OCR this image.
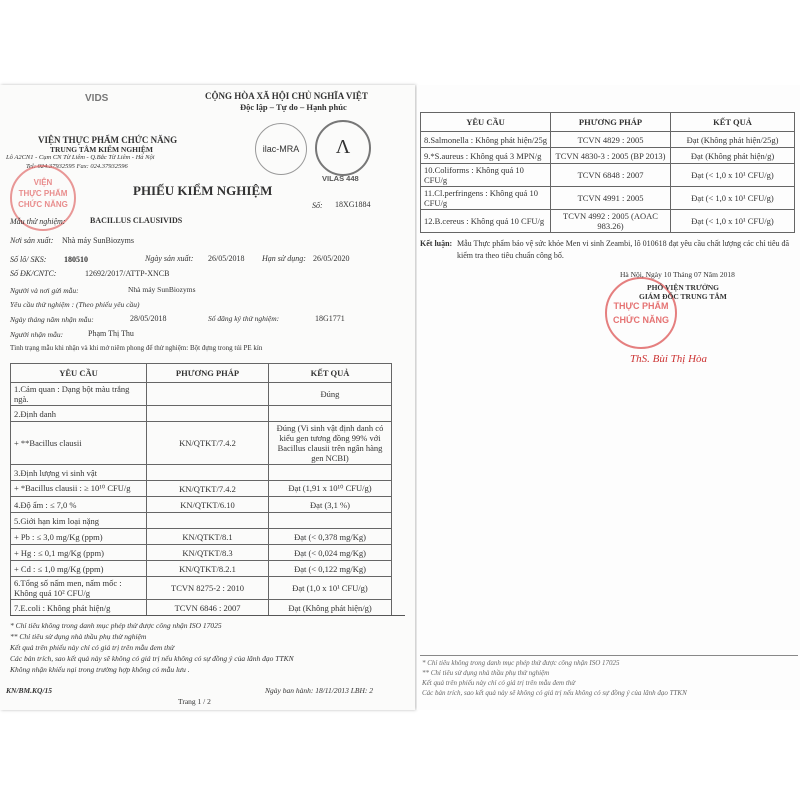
VIDS
VIỆN THỰC PHẨM CHỨC NĂNG
TRUNG TÂM KIỂM NGHIỆM
Lô A2CN1 - Cụm CN Từ Liêm - Q.Bắc Từ Liêm - Hà Nội
Tel: 024.37932595 Fax: 024.37932596
CỘNG HÒA XÃ HỘI CHỦ NGHĨA VIỆT
Độc lập – Tự do – Hạnh phúc
ilac-MRA	Λ
VILAS 448
VIỆN
THỰC PHẨM
CHỨC NĂNG
PHIẾU KIỂM NGHIỆM
Số: 18XG1884
Mẫu thử nghiệm:	BACILLUS CLAUSIVIDS
Nơi sản xuất: Nhà máy SunBiozyms
Số lô/ SKS: 180510	Ngày sản xuất: 26/05/2018 Hạn sử dụng: 26/05/2020
Số ĐK/CNTC:	12692/2017/ATTP-XNCB
Người và nơi gửi mẫu:	Nhà máy SunBiozyms
Yêu cầu thử nghiệm : (Theo phiếu yêu cầu)
Ngày tháng năm nhận mẫu:	28/05/2018	Số đăng ký thử nghiệm:	18G1771
Người nhận mẫu:	Phạm Thị Thu
Tình trạng mẫu khi nhận và khi mở niêm phong để thử nghiệm: Bột đựng trong túi PE kín
YÊU CẦU	PHƯƠNG PHÁP	KẾT QUẢ
1.Cảm quan : Dạng bột màu trắng ngà.		Đúng
2.Định danh		
+ **Bacillus clausii	KN/QTKT/7.4.2	Đúng (Vi sinh vật định danh có kiểu gen tương đồng 99% với Bacillus clausii trên ngân hàng gen NCBI)
3.Định lượng vi sinh vật		
+ *Bacillus clausii : ≥ 10¹⁰ CFU/g	KN/QTKT/7.4.2	Đạt (1,91 x 10¹⁰ CFU/g)
4.Độ ẩm : ≤ 7,0 %	KN/QTKT/6.10	Đạt (3,1 %)
5.Giới hạn kim loại nặng		
+ Pb : ≤ 3,0 mg/Kg (ppm)	KN/QTKT/8.1	Đạt (< 0,378 mg/Kg)
+ Hg : ≤ 0,1 mg/Kg (ppm)	KN/QTKT/8.3	Đạt (< 0,024 mg/Kg)
+ Cd : ≤ 1,0 mg/Kg (ppm)	KN/QTKT/8.2.1	Đạt (< 0,122 mg/Kg)
6.Tổng số nấm men, nấm mốc : Không quá 10² CFU/g	TCVN 8275-2 : 2010	Đạt (1,0 x 10¹ CFU/g)
7.E.coli : Không phát hiện/g	TCVN 6846 : 2007	Đạt (Không phát hiện/g)
* Chỉ tiêu không trong danh mục phép thử được công nhận ISO 17025
** Chỉ tiêu sử dụng nhà thầu phụ thử nghiệm
Kết quả trên phiếu này chỉ có giá trị trên mẫu đem thử
Các bản trích, sao kết quả này sẽ không có giá trị nếu không có sự đồng ý của lãnh đạo TTKN
Không nhận khiếu nại trong trường hợp không có mẫu lưu .
KN/BM.KQ/15	Ngày ban hành: 18/11/2013 LBH: 2
Trang 1 / 2
YÊU CẦU	PHƯƠNG PHÁP	KẾT QUẢ
8.Salmonella : Không phát hiện/25g	TCVN 4829 : 2005	Đạt (Không phát hiện/25g)
9.*S.aureus : Không quá 3 MPN/g	TCVN 4830-3 : 2005 (BP 2013)	Đạt (Không phát hiện/g)
10.Coliforms : Không quá 10 CFU/g	TCVN 6848 : 2007	Đạt (< 1,0 x 10¹ CFU/g)
11.Cl.perfringens : Không quá 10 CFU/g	TCVN 4991 : 2005	Đạt (< 1,0 x 10¹ CFU/g)
12.B.cereus : Không quá 10 CFU/g	TCVN 4992 : 2005 (AOAC 983.26)	Đạt (< 1,0 x 10¹ CFU/g)
Kết luận: Mẫu Thực phẩm bảo vệ sức khỏe Men vi sinh Zeambi, lô 010618 đạt yêu cầu chất lượng các chỉ tiêu đã kiểm tra theo tiêu chuẩn công bố.
THỰC PHẨM
CHỨC NĂNG
Hà Nội, Ngày 10 Tháng 07 Năm 2018
PHÓ VIỆN TRƯỞNG
GIÁM ĐỐC TRUNG TÂM
ThS. Bùi Thị Hòa
* Chỉ tiêu không trong danh mục phép thử được công nhận ISO 17025
** Chỉ tiêu sử dụng nhà thầu phụ thử nghiệm
Kết quả trên phiếu này chỉ có giá trị trên mẫu đem thử
Các bản trích, sao kết quả này sẽ không có giá trị nếu không có sự đồng ý của lãnh đạo TTKN
